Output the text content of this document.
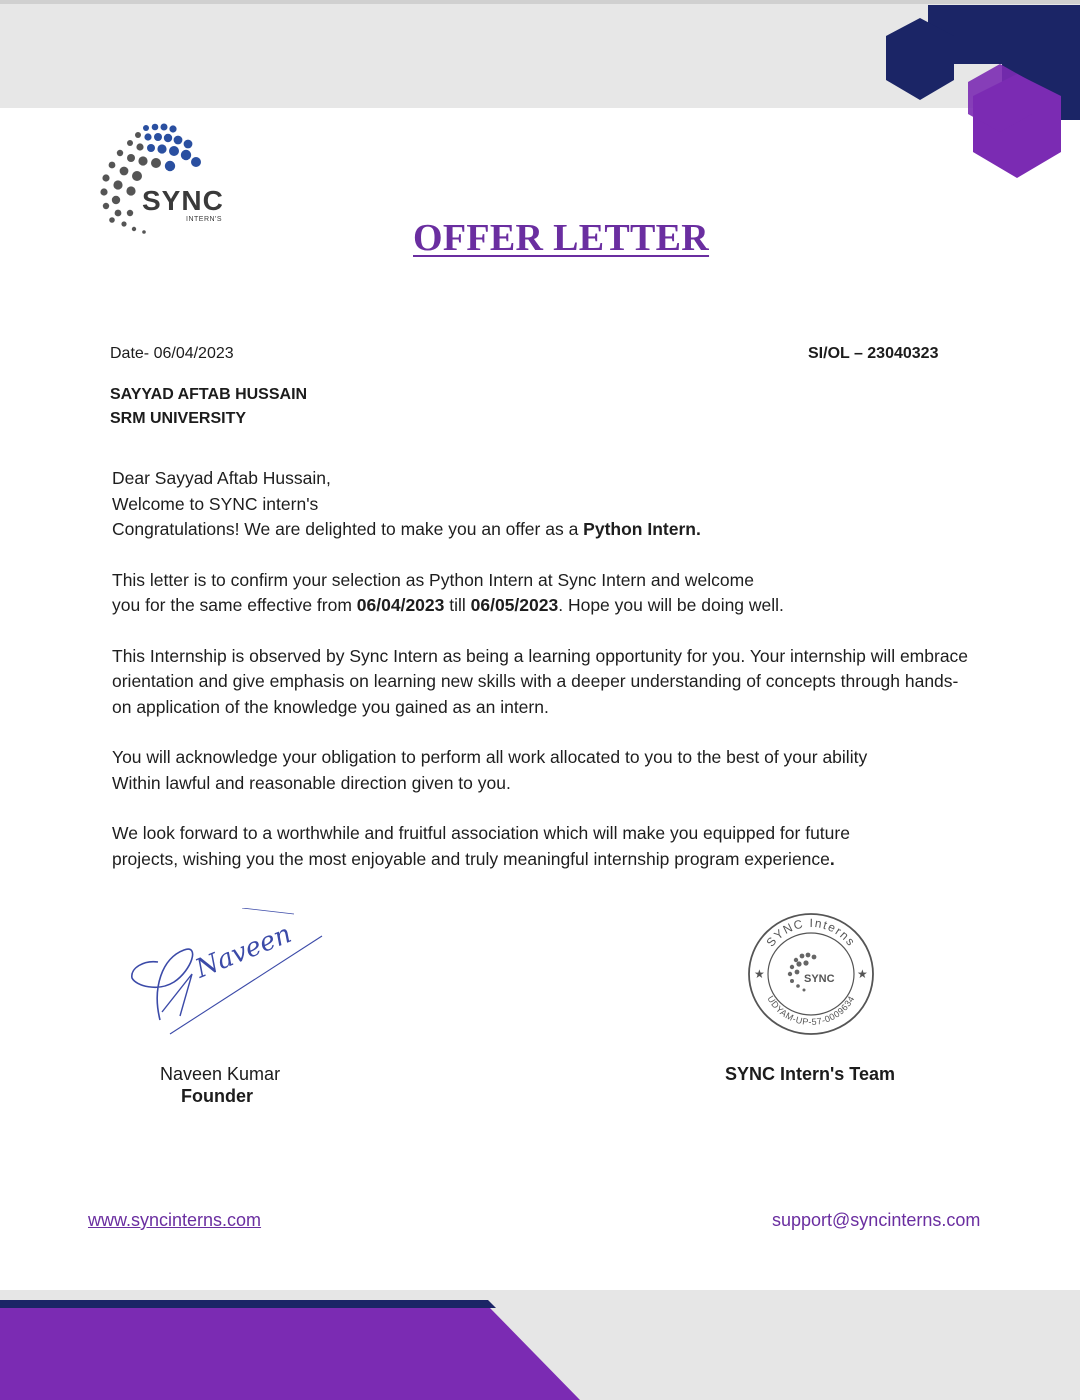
SYNC
INTERN'S	OFFER LETTER
Date- 06/04/2023	SI/OL – 23040323
SAYYAD AFTAB HUSSAIN
SRM UNIVERSITY

Dear Sayyad Aftab Hussain,

Welcome to SYNC intern's

Congratulations! We are delighted to make you an offer as a Python Intern.

This letter is to confirm your selection as Python Intern at Sync Intern and welcome
you for the same effective from 06/04/2023 till 06/05/2023. Hope you will be doing well.

This Internship is observed by Sync Intern as being a learning opportunity for you. Your internship will embrace orientation and give emphasis on learning new skills with a deeper understanding of concepts through hands-on application of the knowledge you gained as an intern.

You will acknowledge your obligation to perform all work allocated to you to the best of your ability
Within lawful and reasonable direction given to you.

We look forward to a worthwhile and fruitful association which will make you equipped for future
projects, wishing you the most enjoyable and truly meaningful internship program experience.

Naveen	SYNC Interns
UDYAM-UP-57-0009634
★	★
SYNC
Naveen Kumar
Founder
SYNC Intern's Team
www.syncinterns.com	support@syncinterns.com
